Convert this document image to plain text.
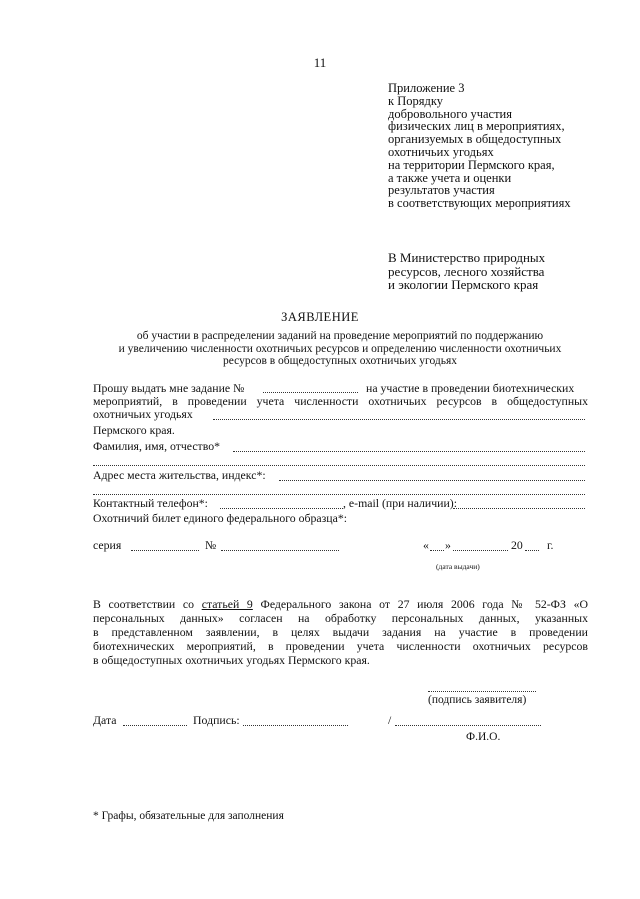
11
Приложение 3
к Порядку
добровольного участия
физических лиц в мероприятиях,
организуемых в общедоступных
охотничьих угодьях
на территории Пермского края,
а также учета и оценки
результатов участия
в соответствующих мероприятиях
В Министерство природных
ресурсов, лесного хозяйства
и экологии Пермского края
ЗАЯВЛЕНИЕ
об участии в распределении заданий на проведение мероприятий по поддержанию
и увеличению численности охотничьих ресурсов и определению численности охотничьих
ресурсов в общедоступных охотничьих угодьях
Прошу выдать мне задание №	на участие в проведении биотехнических
мероприятий, в проведении учета численности охотничьих ресурсов в общедоступных
охотничьих угодьях
Пермского края.
Фамилия, имя, отчество*
Адрес места жительства, индекс*:
Контактный телефон*:	, e-mail (при наличии):
Охотничий билет единого федерального образца*:
серия	№	« »	20 г.
(дата выдачи)
В соответствии со статьей 9 Федерального закона от 27 июля 2006 года № 52-ФЗ «О
персональных данных» согласен на обработку персональных данных, указанных
в представленном заявлении, в целях выдачи задания на участие в проведении
биотехнических мероприятий, в проведении учета численности охотничьих ресурсов
в общедоступных охотничьих угодьях Пермского края.
(подпись заявителя)
Дата	Подпись:	/
Ф.И.О.
* Графы, обязательные для заполнения
